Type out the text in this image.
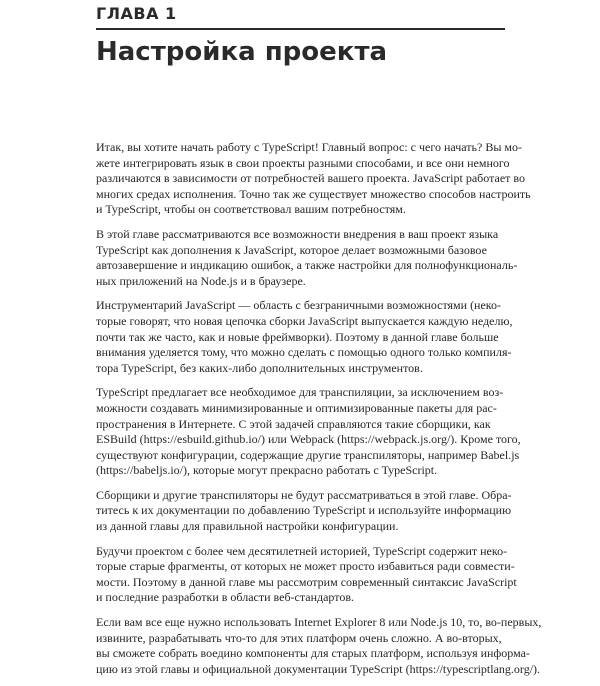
ГЛАВА 1
Настройка проекта
Итак, вы хотите начать работу с TypeScript! Главный вопрос: с чего начать? Вы мо-
жете интегрировать язык в свои проекты разными способами, и все они немного
различаются в зависимости от потребностей вашего проекта. JavaScript работает во
многих средах исполнения. Точно так же существует множество способов настроить
и TypeScript, чтобы он соответствовал вашим потребностям.
В этой главе рассматриваются все возможности внедрения в ваш проект языка
TypeScript как дополнения к JavaScript, которое делает возможными базовое
автозавершение и индикацию ошибок, а также настройки для полнофункциональ-
ных приложений на Node.js и в браузере.
Инструментарий JavaScript — область с безграничными возможностями (неко-
торые говорят, что новая цепочка сборки JavaScript выпускается каждую неделю,
почти так же часто, как и новые фреймворки). Поэтому в данной главе больше
внимания уделяется тому, что можно сделать с помощью одного только компиля-
тора TypeScript, без каких-либо дополнительных инструментов.
TypeScript предлагает все необходимое для транспиляции, за исключением воз-
можности создавать минимизированные и оптимизированные пакеты для рас-
пространения в Интернете. С этой задачей справляются такие сборщики, как
ESBuild (https://esbuild.github.io/) или Webpack (https://webpack.js.org/). Кроме того,
существуют конфигурации, содержащие другие транспиляторы, например Babel.js
(https://babeljs.io/), которые могут прекрасно работать с TypeScript.
Сборщики и другие транспиляторы не будут рассматриваться в этой главе. Обра-
титесь к их документации по добавлению TypeScript и используйте информацию
из данной главы для правильной настройки конфигурации.
Будучи проектом с более чем десятилетней историей, TypeScript содержит неко-
торые старые фрагменты, от которых не может просто избавиться ради совмести-
мости. Поэтому в данной главе мы рассмотрим современный синтаксис JavaScript
и последние разработки в области веб-стандартов.
Если вам все еще нужно использовать Internet Explorer 8 или Node.js 10, то, во-первых,
извините, разрабатывать что-то для этих платформ очень сложно. А во-вторых,
вы сможете собрать воедино компоненты для старых платформ, используя информа-
цию из этой главы и официальной документации TypeScript (https://typescriptlang.org/).
